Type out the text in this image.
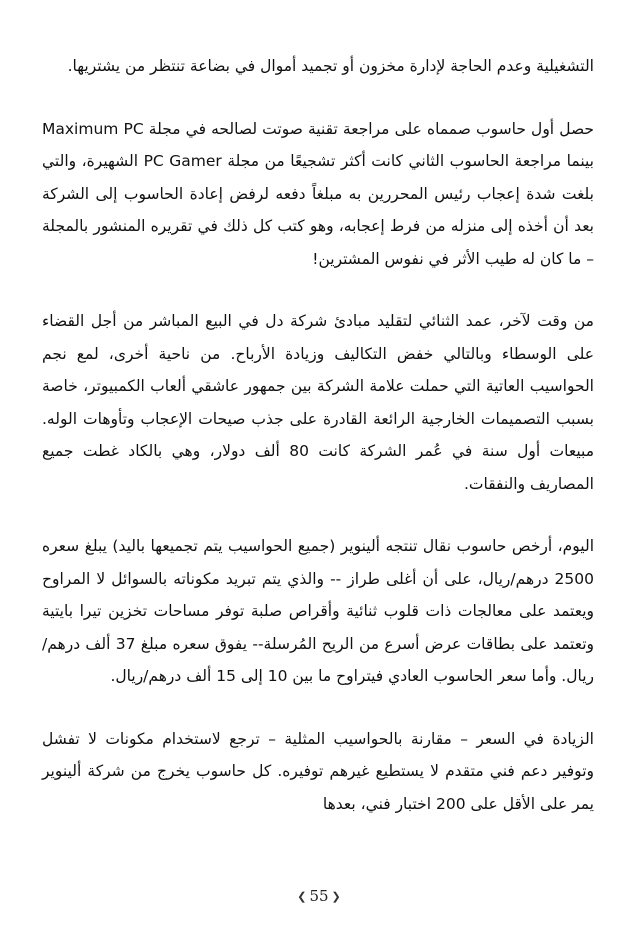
التشغيلية وعدم الحاجة لإدارة مخزون أو تجميد أموال في بضاعة تنتظر من يشتريها.

حصل أول حاسوب صمماه على مراجعة تقنية صوتت لصالحه في مجلة Maximum PC بينما مراجعة الحاسوب الثاني كانت أكثر تشجيعًا من مجلة PC Gamer الشهيرة، والتي بلغت شدة إعجاب رئيس المحررين به مبلغاً دفعه لرفض إعادة الحاسوب إلى الشركة بعد أن أخذه إلى منزله من فرط إعجابه، وهو كتب كل ذلك في تقريره المنشور بالمجلة – ما كان له طيب الأثر في نفوس المشترين!

من وقت لآخر، عمد الثنائي لتقليد مبادئ شركة دل في البيع المباشر من أجل القضاء على الوسطاء وبالتالي خفض التكاليف وزيادة الأرباح. من ناحية أخرى، لمع نجم الحواسيب العاتية التي حملت علامة الشركة بين جمهور عاشقي ألعاب الكمبيوتر، خاصة بسبب التصميمات الخارجية الرائعة القادرة على جذب صيحات الإعجاب وتأوهات الوله. مبيعات أول سنة في عُمر الشركة كانت 80 ألف دولار، وهي بالكاد غطت جميع المصاريف والنفقات.

اليوم، أرخص حاسوب نقال تنتجه ألينوير (جميع الحواسيب يتم تجميعها باليد) يبلغ سعره 2500 درهم/ريال، على أن أغلى طراز -- والذي يتم تبريد مكوناته بالسوائل لا المراوح ويعتمد على معالجات ذات قلوب ثنائية وأقراص صلبة توفر مساحات تخزين تيرا بايتية وتعتمد على بطاقات عرض أسرع من الريح المُرسلة-- يفوق سعره مبلغ 37 ألف درهم/ريال. وأما سعر الحاسوب العادي فيتراوح ما بين 10 إلى 15 ألف درهم/ريال.

الزيادة في السعر – مقارنة بالحواسيب المثلية – ترجع لاستخدام مكونات لا تفشل وتوفير دعم فني متقدم لا يستطيع غيرهم توفيره. كل حاسوب يخرج من شركة ألينوير يمر على الأقل على 200 اختبار فني، بعدها

❮ 55 ❯
